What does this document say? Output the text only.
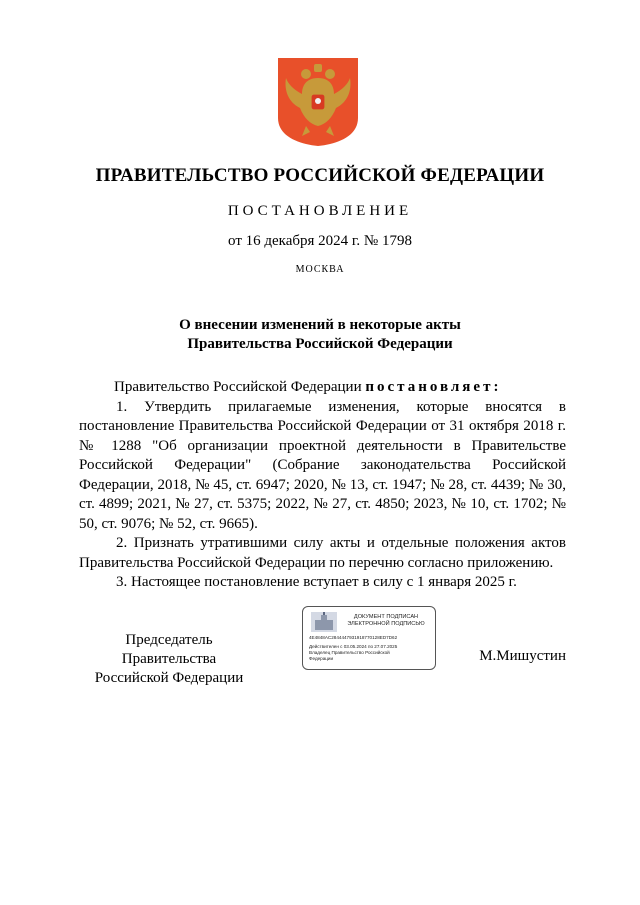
ПРАВИТЕЛЬСТВО РОССИЙСКОЙ ФЕДЕРАЦИИ
ПОСТАНОВЛЕНИЕ
от 16 декабря 2024 г. № 1798
МОСКВА
О внесении изменений в некоторые акты
Правительства Российской Федерации

Правительство Российской Федерации постановляет:

1. Утвердить прилагаемые изменения, которые вносятся в постановление Правительства Российской Федерации от 31 октября 2018 г. № 1288 "Об организации проектной деятельности в Правительстве Российской Федерации" (Собрание законодательства Российской Федерации, 2018, № 45, ст. 6947; 2020, № 13, ст. 1947; № 28, ст. 4439; № 30, ст. 4899; 2021, № 27, ст. 5375; 2022, № 27, ст. 4850; 2023, № 10, ст. 1702; № 50, ст. 9076; № 52, ст. 9665).

2. Признать утратившими силу акты и отдельные положения актов Правительства Российской Федерации по перечню согласно приложению.

3. Настоящее постановление вступает в силу с 1 января 2025 г.

Председатель Правительства
Российской Федерации
ДОКУМЕНТ ПОДПИСАН
ЭЛЕКТРОННОЙ ПОДПИСЬЮ
4E4848AC2844447931918770128ED7D62
Действителен с 03.05.2024 по 27.07.2025
Владелец Правительство Российской
Федерации	М.Мишустин
